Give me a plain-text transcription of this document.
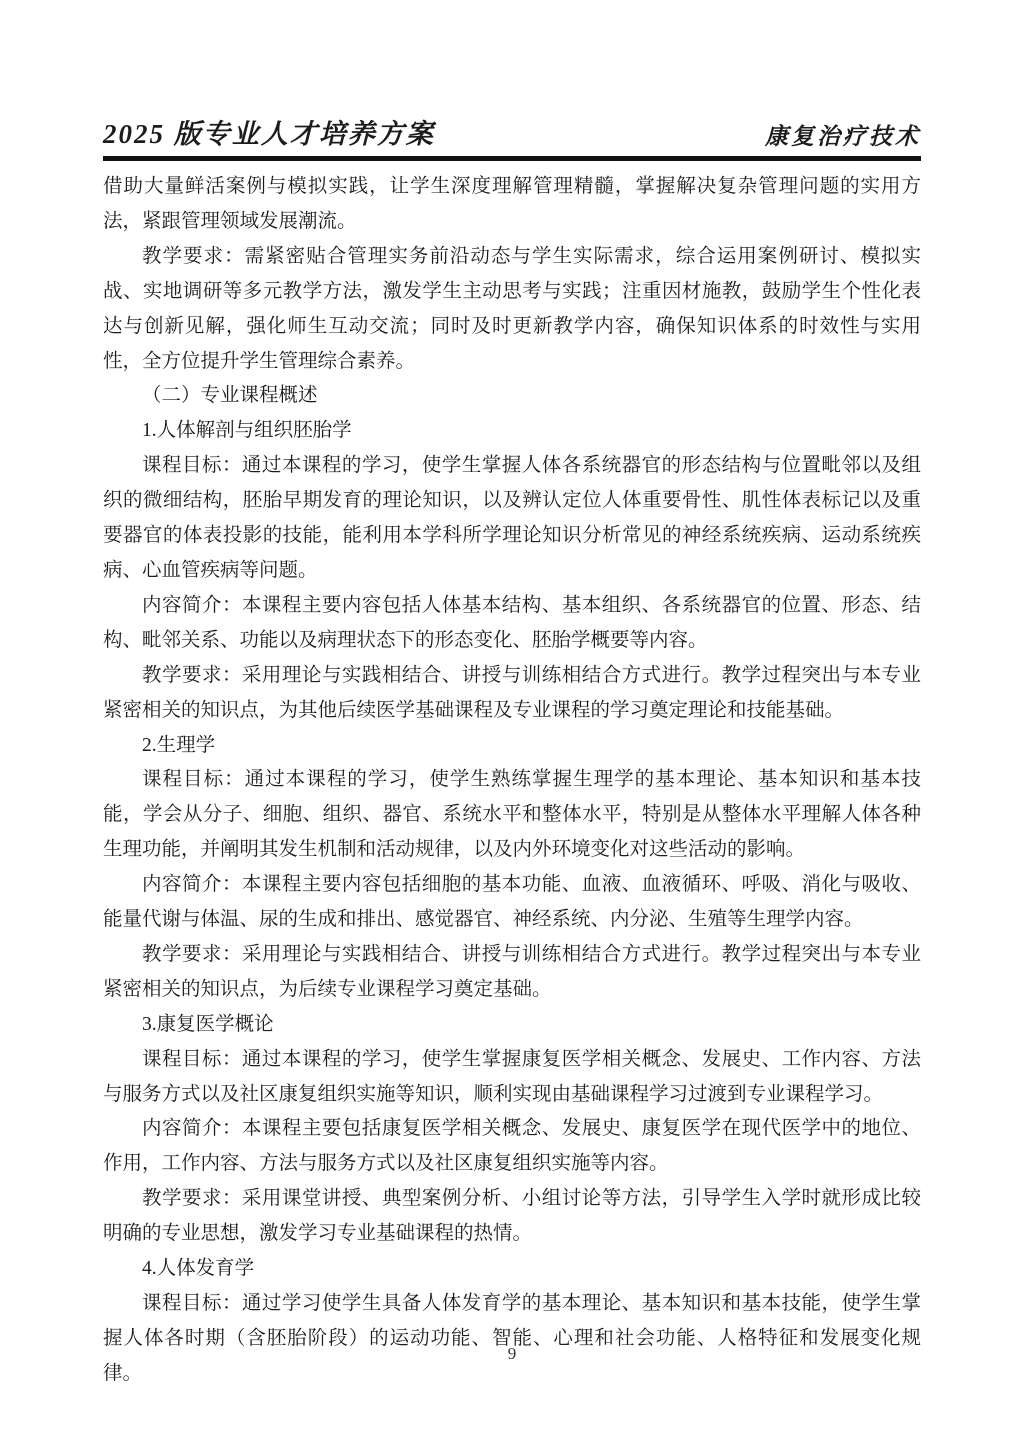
2025 版专业人才培养方案	康复治疗技术

借助大量鲜活案例与模拟实践，让学生深度理解管理精髓，掌握解决复杂管理问题的实用方法，紧跟管理领域发展潮流。

教学要求：需紧密贴合管理实务前沿动态与学生实际需求，综合运用案例研讨、模拟实战、实地调研等多元教学方法，激发学生主动思考与实践；注重因材施教，鼓励学生个性化表达与创新见解，强化师生互动交流；同时及时更新教学内容，确保知识体系的时效性与实用性，全方位提升学生管理综合素养。

（二）专业课程概述

1.人体解剖与组织胚胎学

课程目标：通过本课程的学习，使学生掌握人体各系统器官的形态结构与位置毗邻以及组织的微细结构，胚胎早期发育的理论知识，以及辨认定位人体重要骨性、肌性体表标记以及重要器官的体表投影的技能，能利用本学科所学理论知识分析常见的神经系统疾病、运动系统疾病、心血管疾病等问题。

内容简介：本课程主要内容包括人体基本结构、基本组织、各系统器官的位置、形态、结构、毗邻关系、功能以及病理状态下的形态变化、胚胎学概要等内容。

教学要求：采用理论与实践相结合、讲授与训练相结合方式进行。教学过程突出与本专业紧密相关的知识点，为其他后续医学基础课程及专业课程的学习奠定理论和技能基础。

2.生理学

课程目标：通过本课程的学习，使学生熟练掌握生理学的基本理论、基本知识和基本技能，学会从分子、细胞、组织、器官、系统水平和整体水平，特别是从整体水平理解人体各种生理功能，并阐明其发生机制和活动规律，以及内外环境变化对这些活动的影响。

内容简介：本课程主要内容包括细胞的基本功能、血液、血液循环、呼吸、消化与吸收、能量代谢与体温、尿的生成和排出、感觉器官、神经系统、内分泌、生殖等生理学内容。

教学要求：采用理论与实践相结合、讲授与训练相结合方式进行。教学过程突出与本专业紧密相关的知识点，为后续专业课程学习奠定基础。

3.康复医学概论

课程目标：通过本课程的学习，使学生掌握康复医学相关概念、发展史、工作内容、方法与服务方式以及社区康复组织实施等知识，顺利实现由基础课程学习过渡到专业课程学习。

内容简介：本课程主要包括康复医学相关概念、发展史、康复医学在现代医学中的地位、作用，工作内容、方法与服务方式以及社区康复组织实施等内容。

教学要求：采用课堂讲授、典型案例分析、小组讨论等方法，引导学生入学时就形成比较明确的专业思想，激发学习专业基础课程的热情。

4.人体发育学

课程目标：通过学习使学生具备人体发育学的基本理论、基本知识和基本技能，使学生掌握人体各时期（含胚胎阶段）的运动功能、智能、心理和社会功能、人格特征和发展变化规律。

9
